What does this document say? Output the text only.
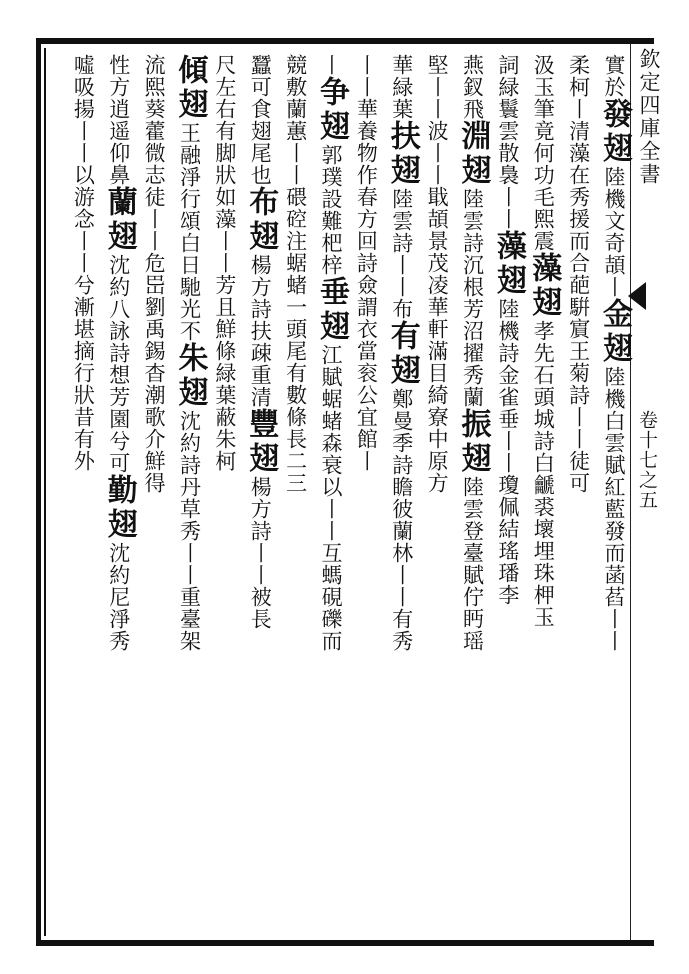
欽定四庫全書
卷十七之五
實於發翅陸機文奇頡丨金翅陸機白雲賦紅藍發而菡萏丨丨
柔柯丨清藻在秀援而合葩騈賔王菊詩丨丨徒可
汲玉筆竟何功毛熙震藻翅孝先石頭城詩白䶵裘壞埋珠柙玉
詞緑鬟雲散裊丨丨藻翅陸機詩金雀垂丨丨瓊佩結瑤璠李
燕釵飛淵翅陸雲詩沉根芳沼擢秀蘭振翅陸雲登臺賦佇眄瑶
堅丨丨波丨丨戢頡景茂凌華軒滿目綺寮中原方
華緑葉扶翅陸雲詩丨丨布有翅鄭曼季詩瞻彼蘭林丨丨有秀
丨丨華養物作春方回詩僉謂衣當衮公宜館丨
丨争翅郭璞設難杷梓垂翅江賦蜛蝫森衰以丨丨互螞硯礫而
競敷蘭蕙丨丨碨硿注蜛蝫一頭尾有數條長二三
蠶可食翅尾也布翅楊方詩扶疎重清豐翅楊方詩丨丨被長
尺左右有脚狀如藻丨丨芳且鮮條緑葉蔽朱柯
傾翅王融淨行頌白日馳光不朱翅沈約詩丹草秀丨丨重臺架
流熙葵藿微志徒丨丨危岊劉禹錫杳潮歌介鮮得
性方逍遥仰鼻蘭翅沈約八詠詩想芳園兮可勤翅沈約尼淨秀
噓吸揚丨丨以游念丨丨兮漸堪摘行狀昔有外
